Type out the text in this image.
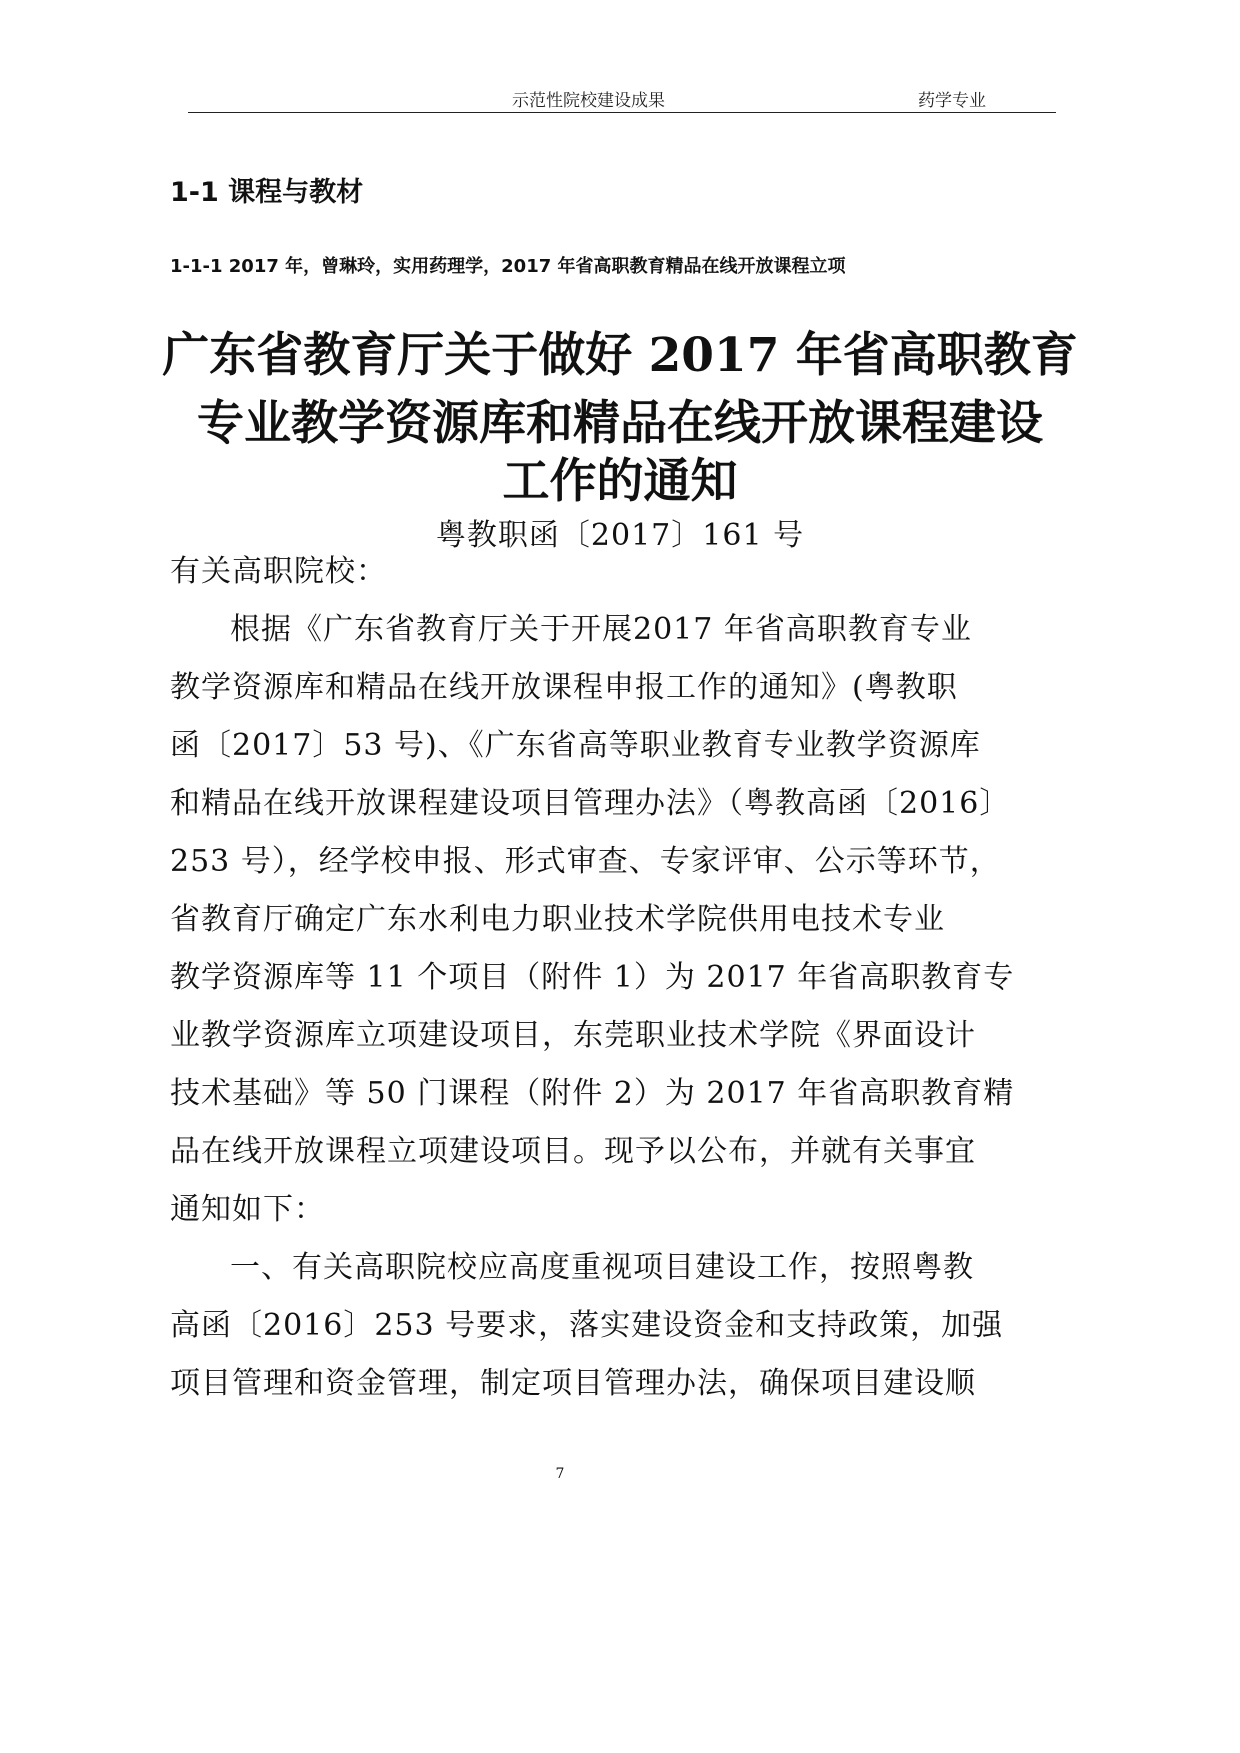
示范性院校建设成果	药学专业
1-1 课程与教材
1-1-1 2017 年，曾琳玲，实用药理学，2017 年省高职教育精品在线开放课程立项
广东省教育厅关于做好 2017 年省高职教育
专业教学资源库和精品在线开放课程建设
工作的通知
粤教职函〔2017〕161 号
有关高职院校：
根据《广东省教育厅关于开展2017 年省高职教育专业
教学资源库和精品在线开放课程申报工作的通知》(粤教职
函〔2017〕53 号)、《广东省高等职业教育专业教学资源库
和精品在线开放课程建设项目管理办法》（粤教高函〔2016〕
253 号），经学校申报、形式审查、专家评审、公示等环节，
省教育厅确定广东水利电力职业技术学院供用电技术专业
教学资源库等 11 个项目（附件 1）为 2017 年省高职教育专
业教学资源库立项建设项目，东莞职业技术学院《界面设计
技术基础》等 50 门课程（附件 2）为 2017 年省高职教育精
品在线开放课程立项建设项目。现予以公布，并就有关事宜
通知如下：
一、有关高职院校应高度重视项目建设工作，按照粤教
高函〔2016〕253 号要求，落实建设资金和支持政策，加强
项目管理和资金管理，制定项目管理办法，确保项目建设顺
7
